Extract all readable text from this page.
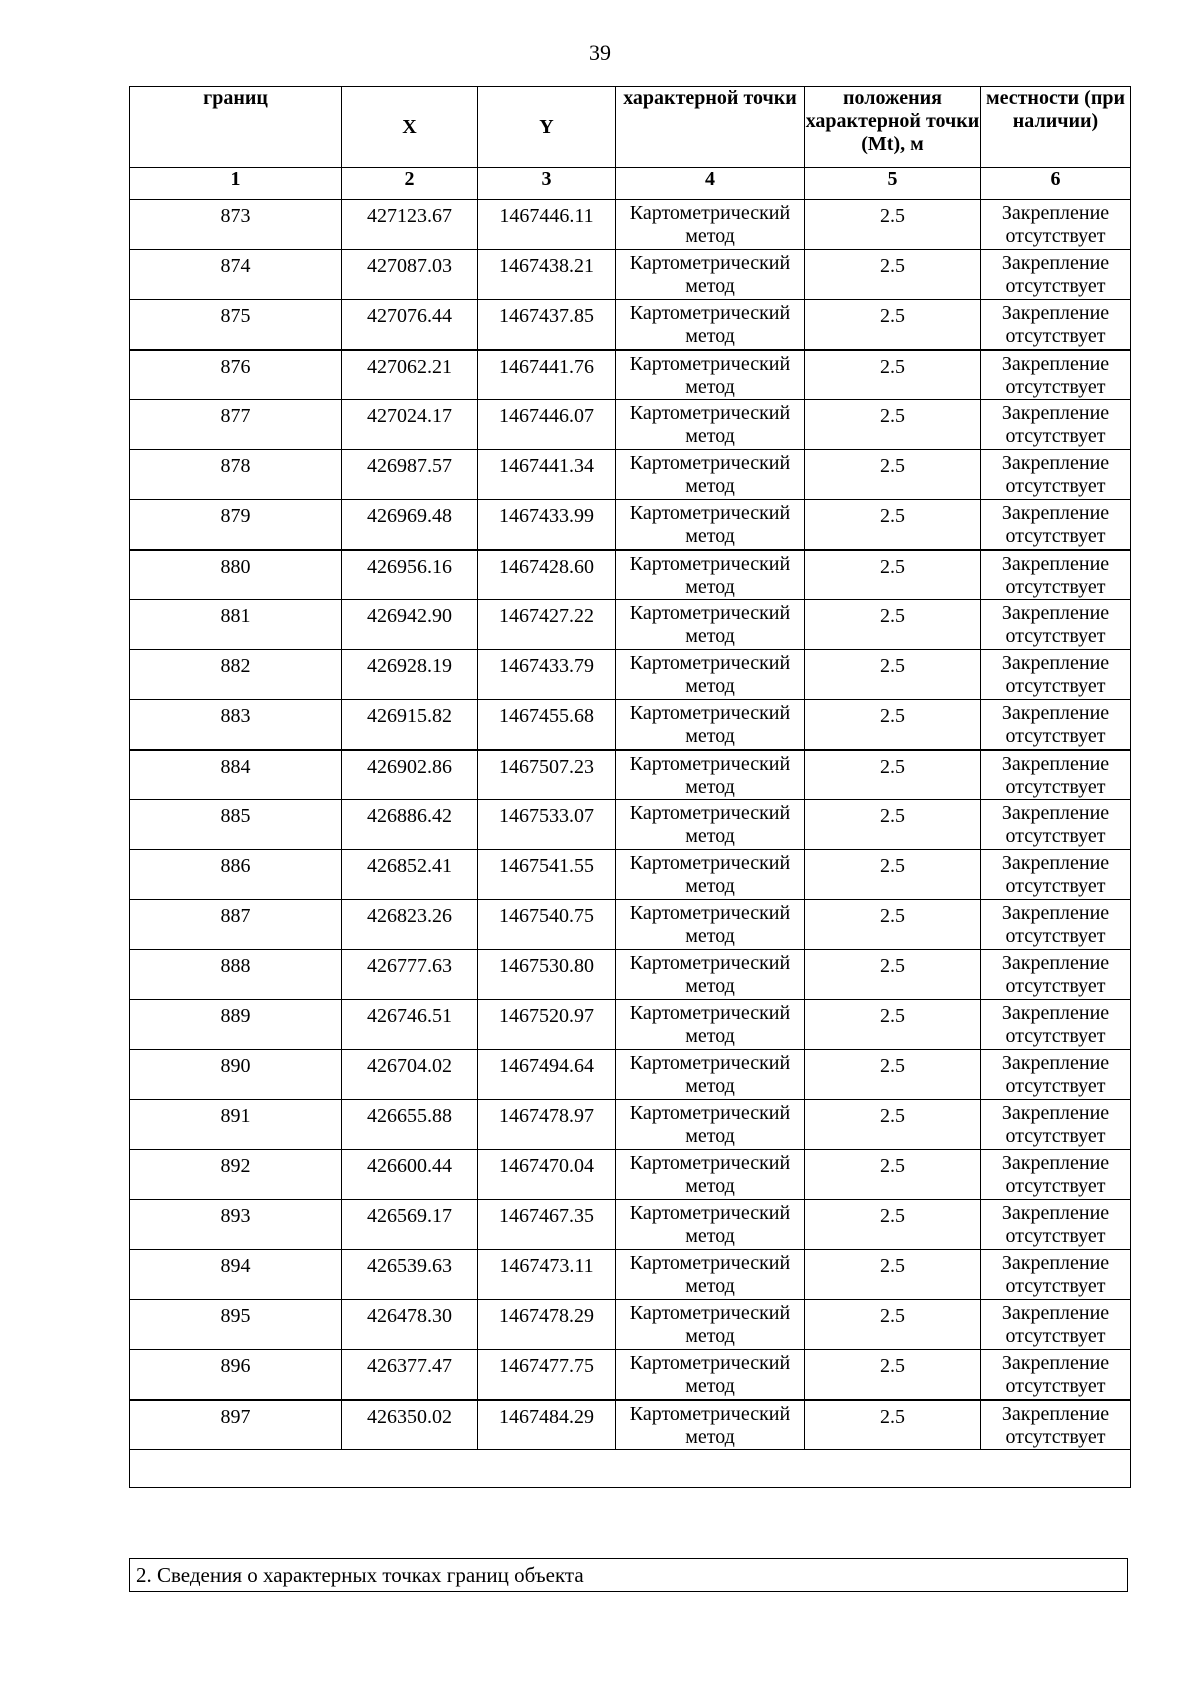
39
границ	X	Y	характерной точки	положения характерной точки (Mt), м	местности (при наличии)
1	2	3	4	5	6
873	427123.67	1467446.11	Картометрический метод	2.5	Закрепление отсутствует
874	427087.03	1467438.21	Картометрический метод	2.5	Закрепление отсутствует
875	427076.44	1467437.85	Картометрический метод	2.5	Закрепление отсутствует
876	427062.21	1467441.76	Картометрический метод	2.5	Закрепление отсутствует
877	427024.17	1467446.07	Картометрический метод	2.5	Закрепление отсутствует
878	426987.57	1467441.34	Картометрический метод	2.5	Закрепление отсутствует
879	426969.48	1467433.99	Картометрический метод	2.5	Закрепление отсутствует
880	426956.16	1467428.60	Картометрический метод	2.5	Закрепление отсутствует
881	426942.90	1467427.22	Картометрический метод	2.5	Закрепление отсутствует
882	426928.19	1467433.79	Картометрический метод	2.5	Закрепление отсутствует
883	426915.82	1467455.68	Картометрический метод	2.5	Закрепление отсутствует
884	426902.86	1467507.23	Картометрический метод	2.5	Закрепление отсутствует
885	426886.42	1467533.07	Картометрический метод	2.5	Закрепление отсутствует
886	426852.41	1467541.55	Картометрический метод	2.5	Закрепление отсутствует
887	426823.26	1467540.75	Картометрический метод	2.5	Закрепление отсутствует
888	426777.63	1467530.80	Картометрический метод	2.5	Закрепление отсутствует
889	426746.51	1467520.97	Картометрический метод	2.5	Закрепление отсутствует
890	426704.02	1467494.64	Картометрический метод	2.5	Закрепление отсутствует
891	426655.88	1467478.97	Картометрический метод	2.5	Закрепление отсутствует
892	426600.44	1467470.04	Картометрический метод	2.5	Закрепление отсутствует
893	426569.17	1467467.35	Картометрический метод	2.5	Закрепление отсутствует
894	426539.63	1467473.11	Картометрический метод	2.5	Закрепление отсутствует
895	426478.30	1467478.29	Картометрический метод	2.5	Закрепление отсутствует
896	426377.47	1467477.75	Картометрический метод	2.5	Закрепление отсутствует
897	426350.02	1467484.29	Картометрический метод	2.5	Закрепление отсутствует

2. Сведения о характерных точках границ объекта
